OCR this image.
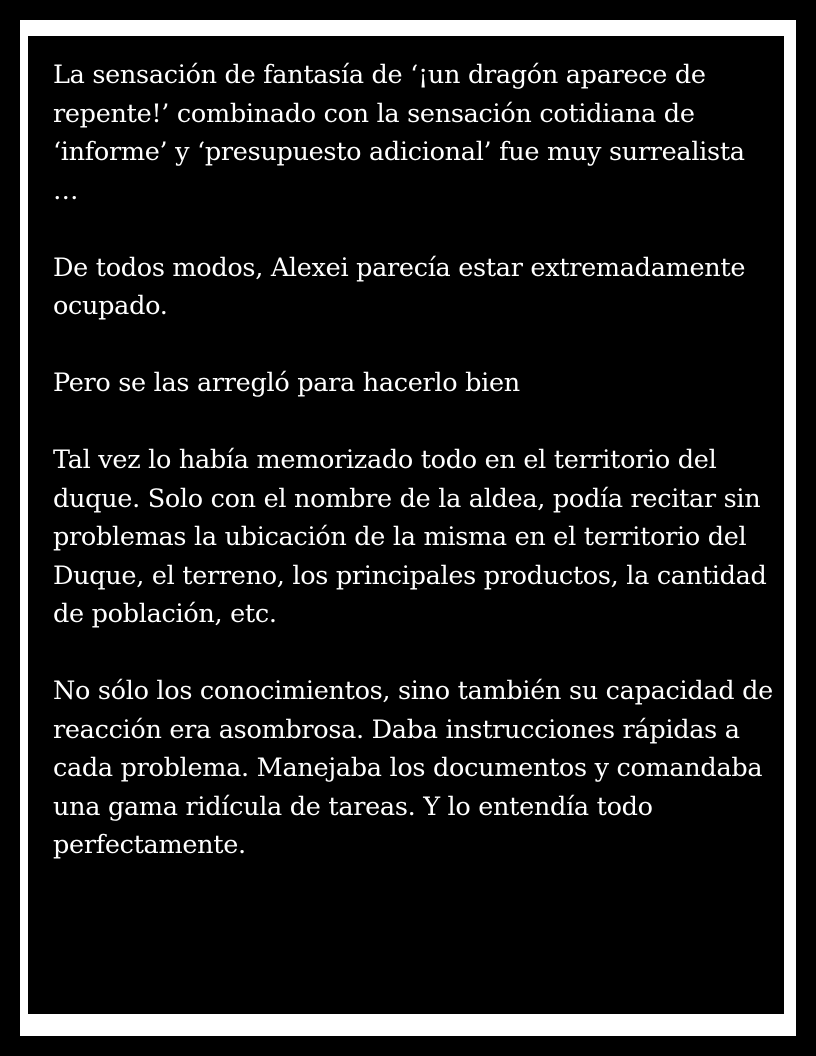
La sensación de fantasía de ‘¡un dragón aparece de repente!’ combinado con la sensación cotidiana de ‘informe’ y ‘presupuesto adicional’ fue muy surrealista …

De todos modos, Alexei parecía estar extremadamente ocupado.

Pero se las arregló para hacerlo bien

Tal vez lo había memorizado todo en el territorio del duque. Solo con el nombre de la aldea, podía recitar sin problemas la ubicación de la misma en el territorio del Duque, el terreno, los principales productos, la cantidad de población, etc.

No sólo los conocimientos, sino también su capacidad de reacción era asombrosa. Daba instrucciones rápidas a cada problema. Manejaba los documentos y comandaba una gama ridícula de tareas. Y lo entendía todo perfectamente.
